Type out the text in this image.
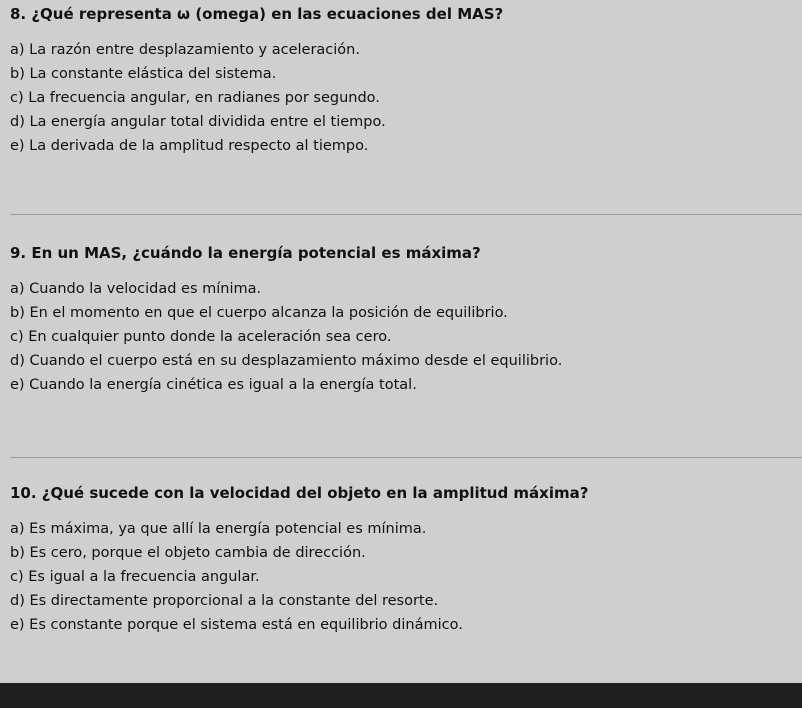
8. ¿Qué representa ω (omega) en las ecuaciones del MAS?

a) La razón entre desplazamiento y aceleración.

b) La constante elástica del sistema.

c) La frecuencia angular, en radianes por segundo.

d) La energía angular total dividida entre el tiempo.

e) La derivada de la amplitud respecto al tiempo.

9. En un MAS, ¿cuándo la energía potencial es máxima?

a) Cuando la velocidad es mínima.

b) En el momento en que el cuerpo alcanza la posición de equilibrio.

c) En cualquier punto donde la aceleración sea cero.

d) Cuando el cuerpo está en su desplazamiento máximo desde el equilibrio.

e) Cuando la energía cinética es igual a la energía total.

10. ¿Qué sucede con la velocidad del objeto en la amplitud máxima?

a) Es máxima, ya que allí la energía potencial es mínima.

b) Es cero, porque el objeto cambia de dirección.

c) Es igual a la frecuencia angular.

d) Es directamente proporcional a la constante del resorte.

e) Es constante porque el sistema está en equilibrio dinámico.
